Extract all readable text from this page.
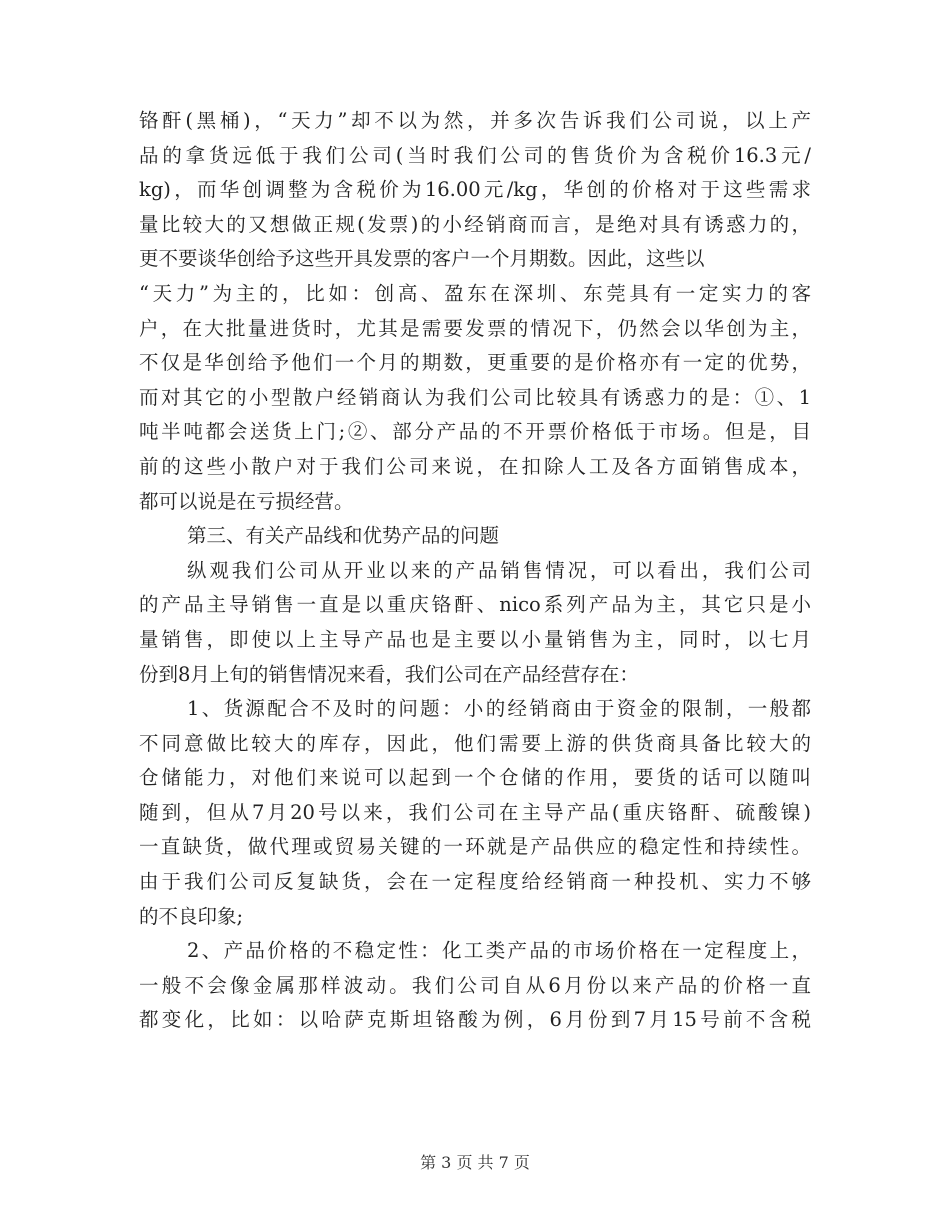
铬酐(黑桶)，“天力”却不以为然，并多次告诉我们公司说，以上产
品的拿货远低于我们公司(当时我们公司的售货价为含税价16.3元/
kg)，而华创调整为含税价为16.00元/kg，华创的价格对于这些需求
量比较大的又想做正规(发票)的小经销商而言，是绝对具有诱惑力的，
更不要谈华创给予这些开具发票的客户一个月期数。因此，这些以
“天力”为主的，比如：创高、盈东在深圳、东莞具有一定实力的客
户，在大批量进货时，尤其是需要发票的情况下，仍然会以华创为主，
不仅是华创给予他们一个月的期数，更重要的是价格亦有一定的优势，
而对其它的小型散户经销商认为我们公司比较具有诱惑力的是：①、1
吨半吨都会送货上门;②、部分产品的不开票价格低于市场。但是，目
前的这些小散户对于我们公司来说，在扣除人工及各方面销售成本，
都可以说是在亏损经营。
第三、有关产品线和优势产品的问题
纵观我们公司从开业以来的产品销售情况，可以看出，我们公司
的产品主导销售一直是以重庆铬酐、nico系列产品为主，其它只是小
量销售，即使以上主导产品也是主要以小量销售为主，同时，以七月
份到8月上旬的销售情况来看，我们公司在产品经营存在：
1、货源配合不及时的问题：小的经销商由于资金的限制，一般都
不同意做比较大的库存，因此，他们需要上游的供货商具备比较大的
仓储能力，对他们来说可以起到一个仓储的作用，要货的话可以随叫
随到，但从7月20号以来，我们公司在主导产品(重庆铬酐、硫酸镍)
一直缺货，做代理或贸易关键的一环就是产品供应的稳定性和持续性。
由于我们公司反复缺货，会在一定程度给经销商一种投机、实力不够
的不良印象;
2、产品价格的不稳定性：化工类产品的市场价格在一定程度上，
一般不会像金属那样波动。我们公司自从6月份以来产品的价格一直
都变化，比如：以哈萨克斯坦铬酸为例，6月份到7月15号前不含税
第 3 页 共 7 页
